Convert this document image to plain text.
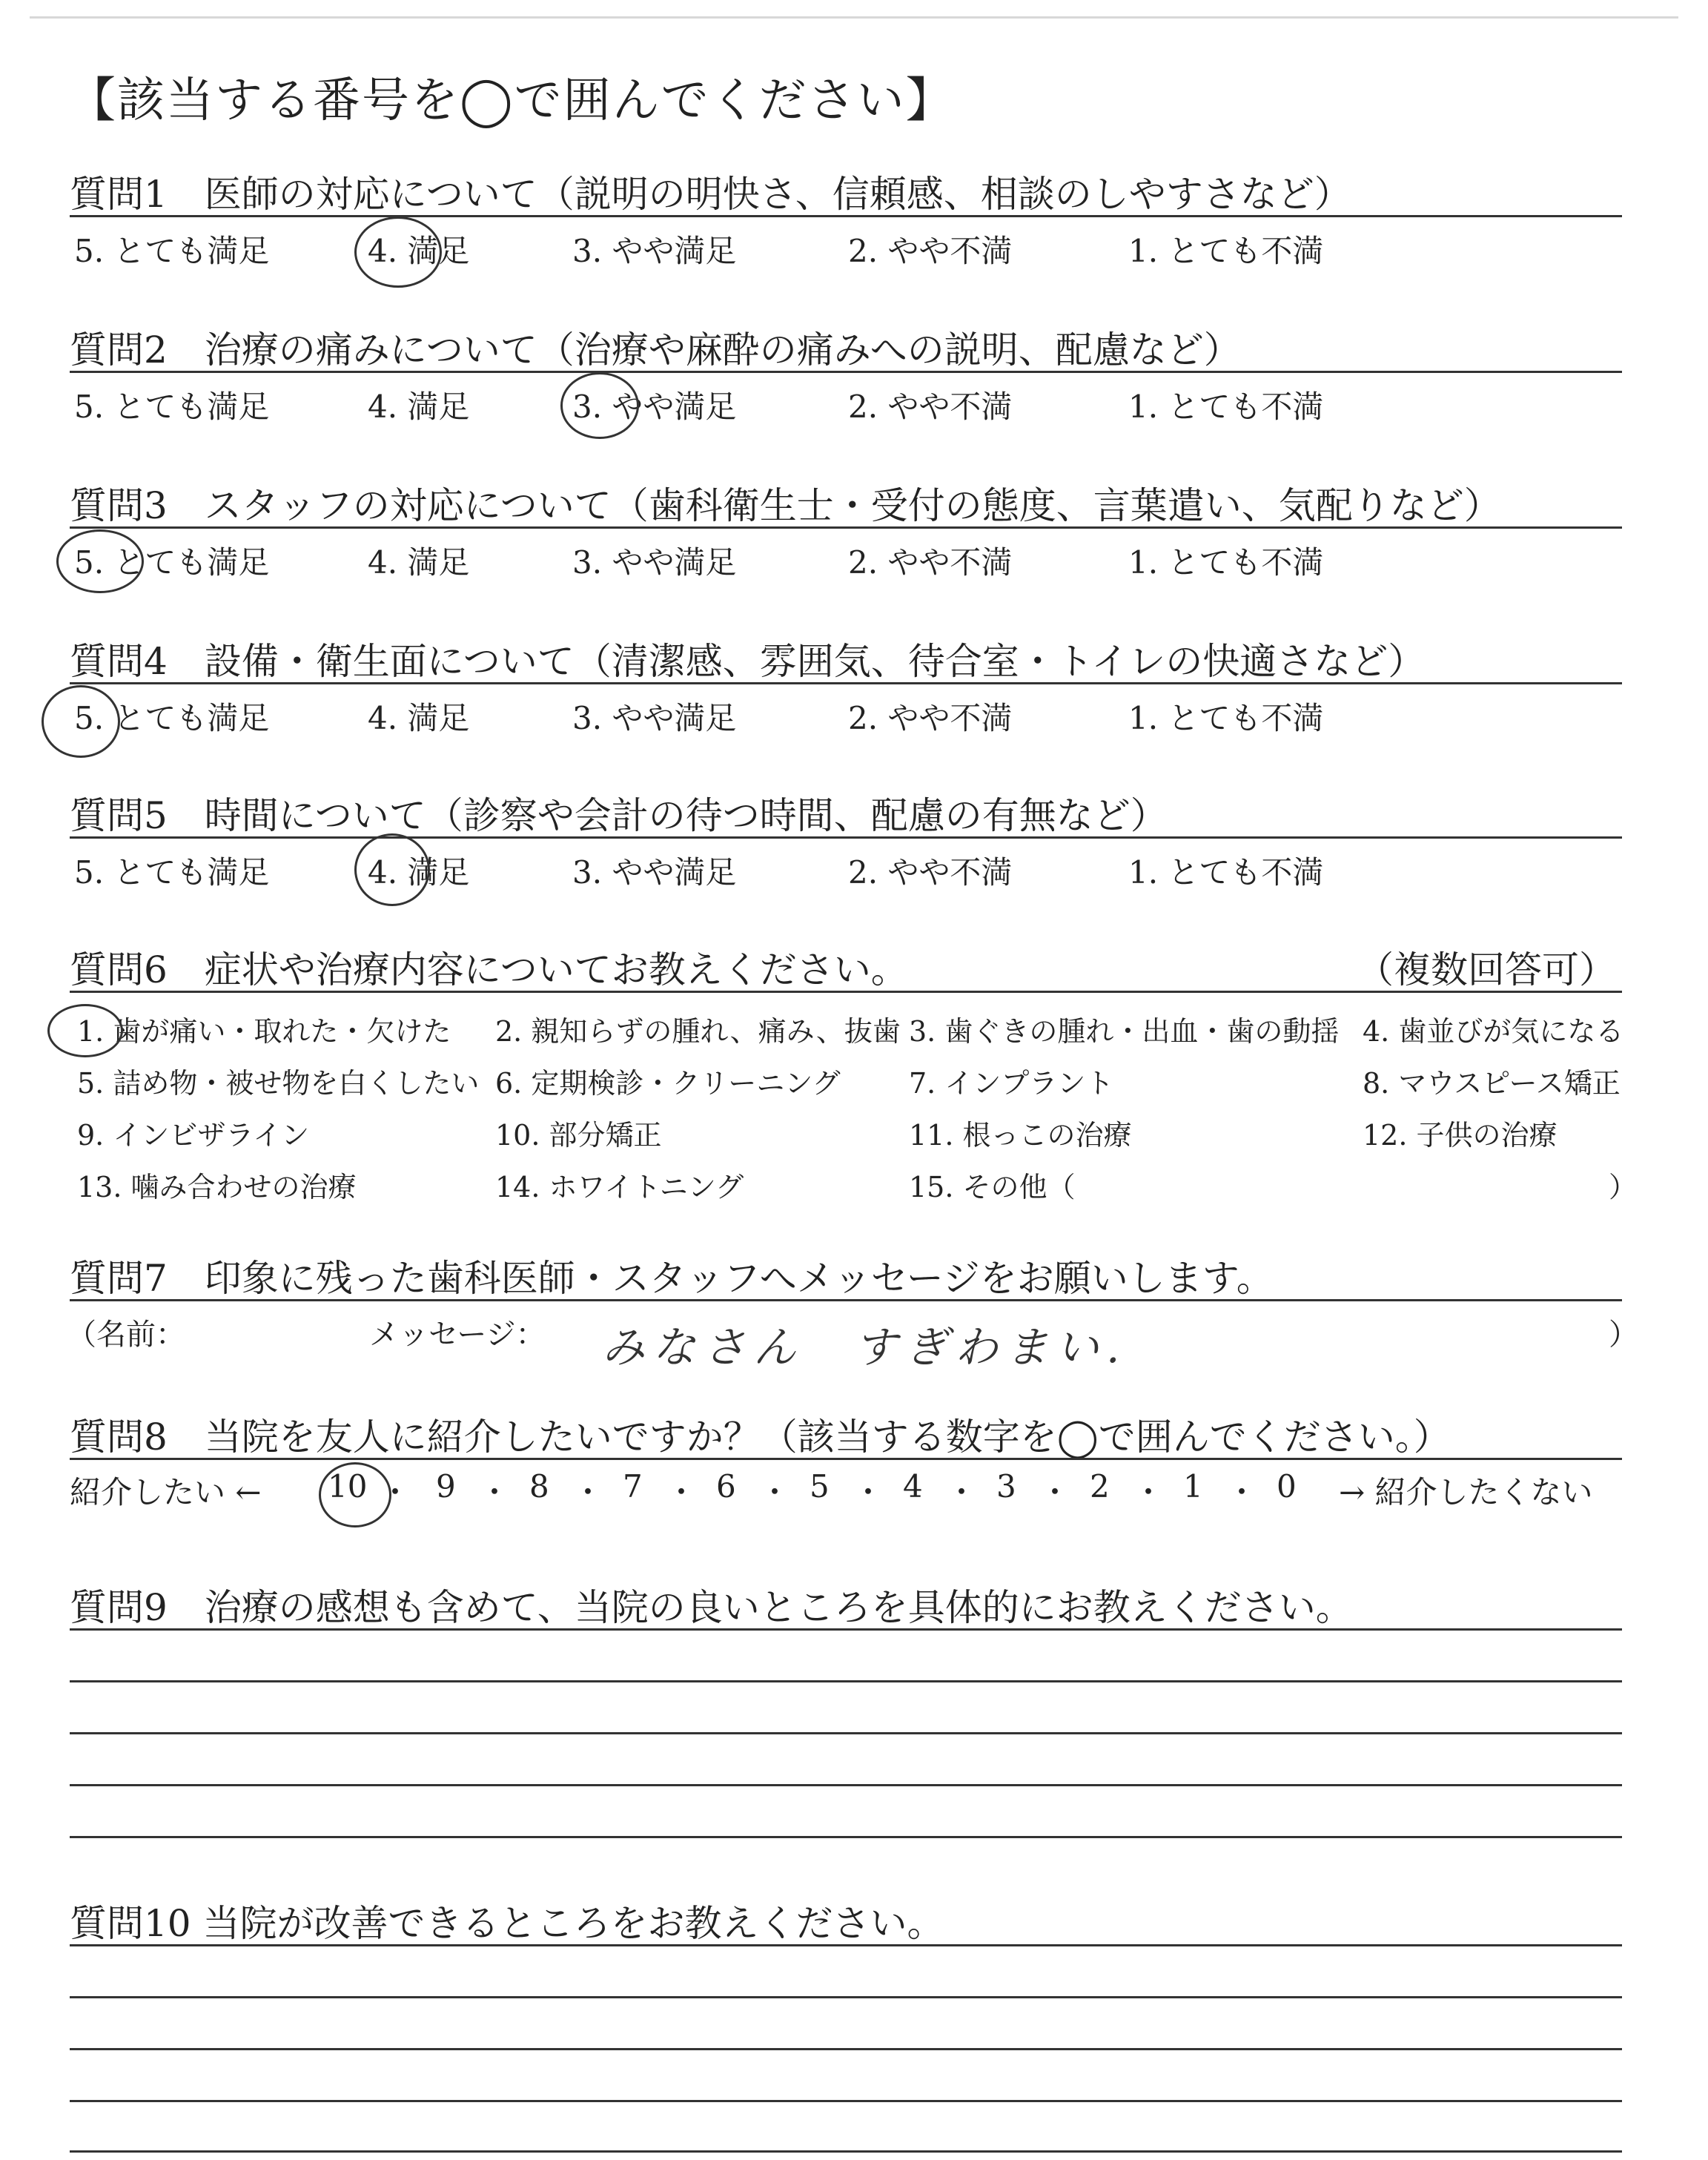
【該当する番号を◯で囲んでください】
質問1　医師の対応について（説明の明快さ、信頼感、相談のしやすさなど）
5. とても満足	4. 満足	3. やや満足	2. やや不満	1. とても不満
質問2　治療の痛みについて（治療や麻酔の痛みへの説明、配慮など）
5. とても満足	4. 満足	3. やや満足	2. やや不満	1. とても不満
質問3　スタッフの対応について（歯科衛生士・受付の態度、言葉遣い、気配りなど）
5. とても満足	4. 満足	3. やや満足	2. やや不満	1. とても不満
質問4　設備・衛生面について（清潔感、雰囲気、待合室・トイレの快適さなど）
5. とても満足	4. 満足	3. やや満足	2. やや不満	1. とても不満
質問5　時間について（診察や会計の待つ時間、配慮の有無など）
5. とても満足	4. 満足	3. やや満足	2. やや不満	1. とても不満
質問6　症状や治療内容についてお教えください。	（複数回答可）
1. 歯が痛い・取れた・欠けた 2. 親知らずの腫れ、痛み、抜歯 3. 歯ぐきの腫れ・出血・歯の動揺 4. 歯並びが気になる
5. 詰め物・被せ物を白くしたい 6. 定期検診・クリーニング 7. インプラント	8. マウスピース矯正
9. インビザライン	10. 部分矯正	11. 根っこの治療	12. 子供の治療
13. 噛み合わせの治療	14. ホワイトニング	15. その他（	）
質問7　印象に残った歯科医師・スタッフへメッセージをお願いします。
（名前：	メッセージ： みなさん　すぎわまい.	）
質問8　当院を友人に紹介したいですか？（該当する数字を◯で囲んでください。）
紹介したい ← 10 ・ 9 ・ 8 ・ 7 ・ 6 ・ 5 ・ 4 ・ 3 ・ 2 ・ 1 ・ 0 → 紹介したくない
質問9　治療の感想も含めて、当院の良いところを具体的にお教えください。
質問10 当院が改善できるところをお教えください。
